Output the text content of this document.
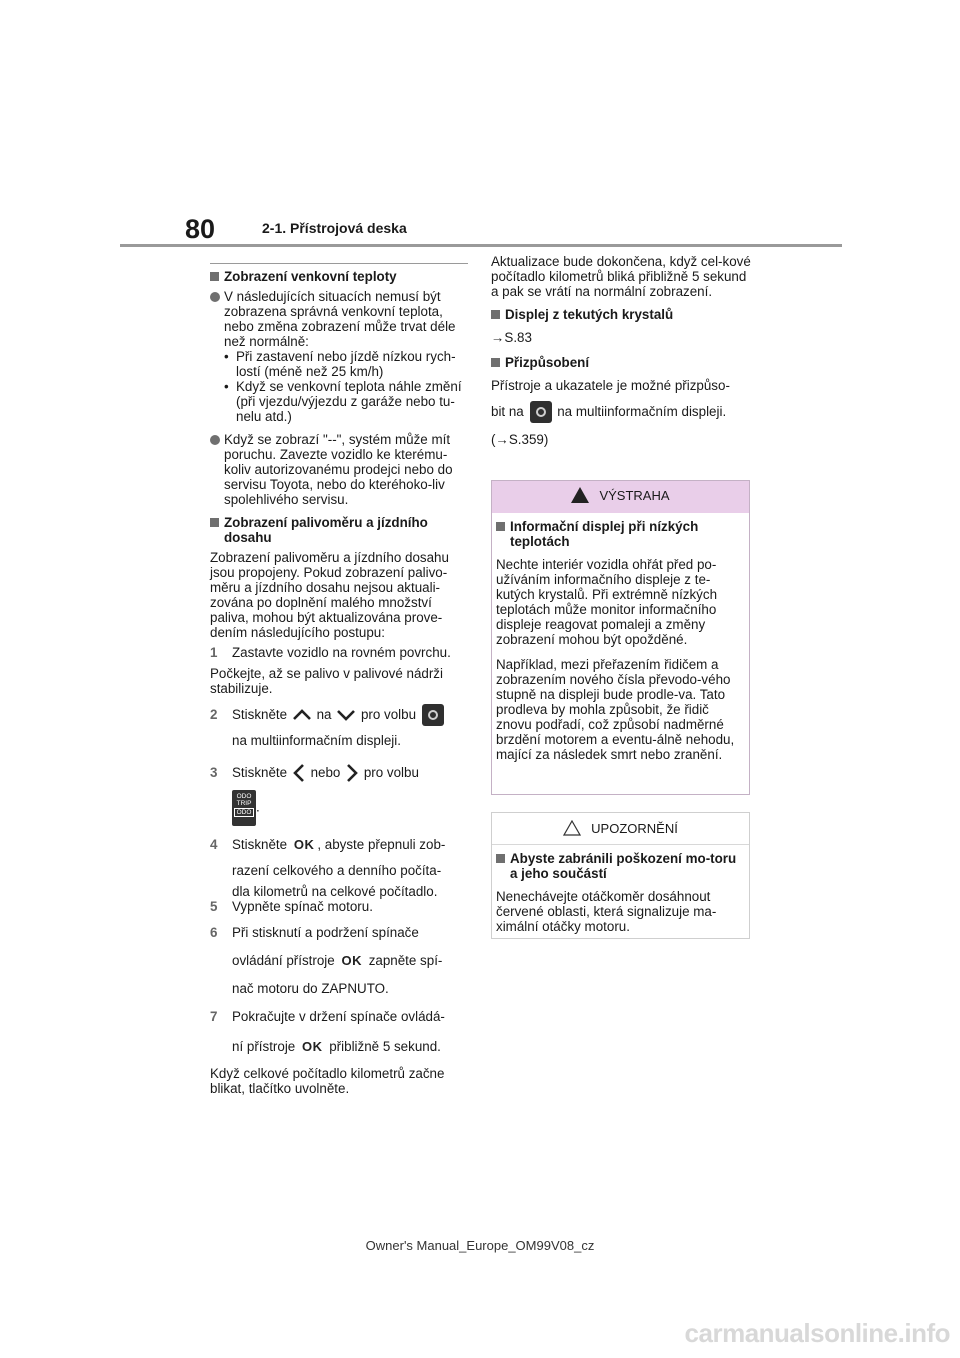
80	2-1. Přístrojová deska
Zobrazení venkovní teploty
V následujících situacích nemusí být zobrazena správná venkovní teplota, nebo změna zobrazení může trvat déle než normálně:
• Při zastavení nebo jízdě nízkou rych-lostí (méně než 25 km/h)
• Když se venkovní teplota náhle změní (při vjezdu/výjezdu z garáže nebo tu-nelu atd.)
Když se zobrazí "--", systém může mít poruchu. Zavezte vozidlo ke kterému-koliv autorizovanému prodejci nebo do servisu Toyota, nebo do kteréhoko-liv spolehlivého servisu.
Zobrazení palivoměru a jízdního dosahu
Zobrazení palivoměru a jízdního dosahu jsou propojeny. Pokud zobrazení palivo-měru a jízdního dosahu nejsou aktuali-zována po doplnění malého množství paliva, mohou být aktualizována prove-dením následujícího postupu:
1 Zastavte vozidlo na rovném povrchu.
Počkejte, až se palivo v palivové nádrži stabilizuje.
2 Stiskněte na pro volbu
na multiinformačním displeji.
3 Stiskněte nebo pro volbu
ODO
TRIP
ODO .
4 Stiskněte OK , abyste přepnuli zob-
razení celkového a denního počíta-
dla kilometrů na celkové počítadlo.
5 Vypněte spínač motoru.
6 Při stisknutí a podržení spínače
ovládání přístroje OK zapněte spí-
nač motoru do ZAPNUTO.
7 Pokračujte v držení spínače ovládá-
ní přístroje OK přibližně 5 sekund.
Když celkové počítadlo kilometrů začne blikat, tlačítko uvolněte.
Aktualizace bude dokončena, když cel-kové počítadlo kilometrů bliká přibližně 5 sekund a pak se vrátí na normální zobrazení.
Displej z tekutých krystalů
→S.83
Přizpůsobení
Přístroje a ukazatele je možné přizpůso-
bit na na multiinformačním displeji.
(→S.359)
VÝSTRAHA
Informační displej při nízkých teplotách
Nechte interiér vozidla ohřát před po-užíváním informačního displeje z te-kutých krystalů. Při extrémně nízkých teplotách může monitor informačního displeje reagovat pomaleji a změny zobrazení mohou být opožděné.
Například, mezi přeřazením řidičem a zobrazením nového čísla převodo-vého stupně na displeji bude prodle-va. Tato prodleva by mohla způsobit, že řidič znovu podřadí, což způsobí nadměrné brzdění motorem a eventu-álně nehodu, mající za následek smrt nebo zranění.
UPOZORNĚNÍ
Abyste zabránili poškození mo-toru a jeho součástí
Nenechávejte otáčkoměr dosáhnout červené oblasti, která signalizuje ma-ximální otáčky motoru.
Owner's Manual_Europe_OM99V08_cz
carmanualsonline.info
